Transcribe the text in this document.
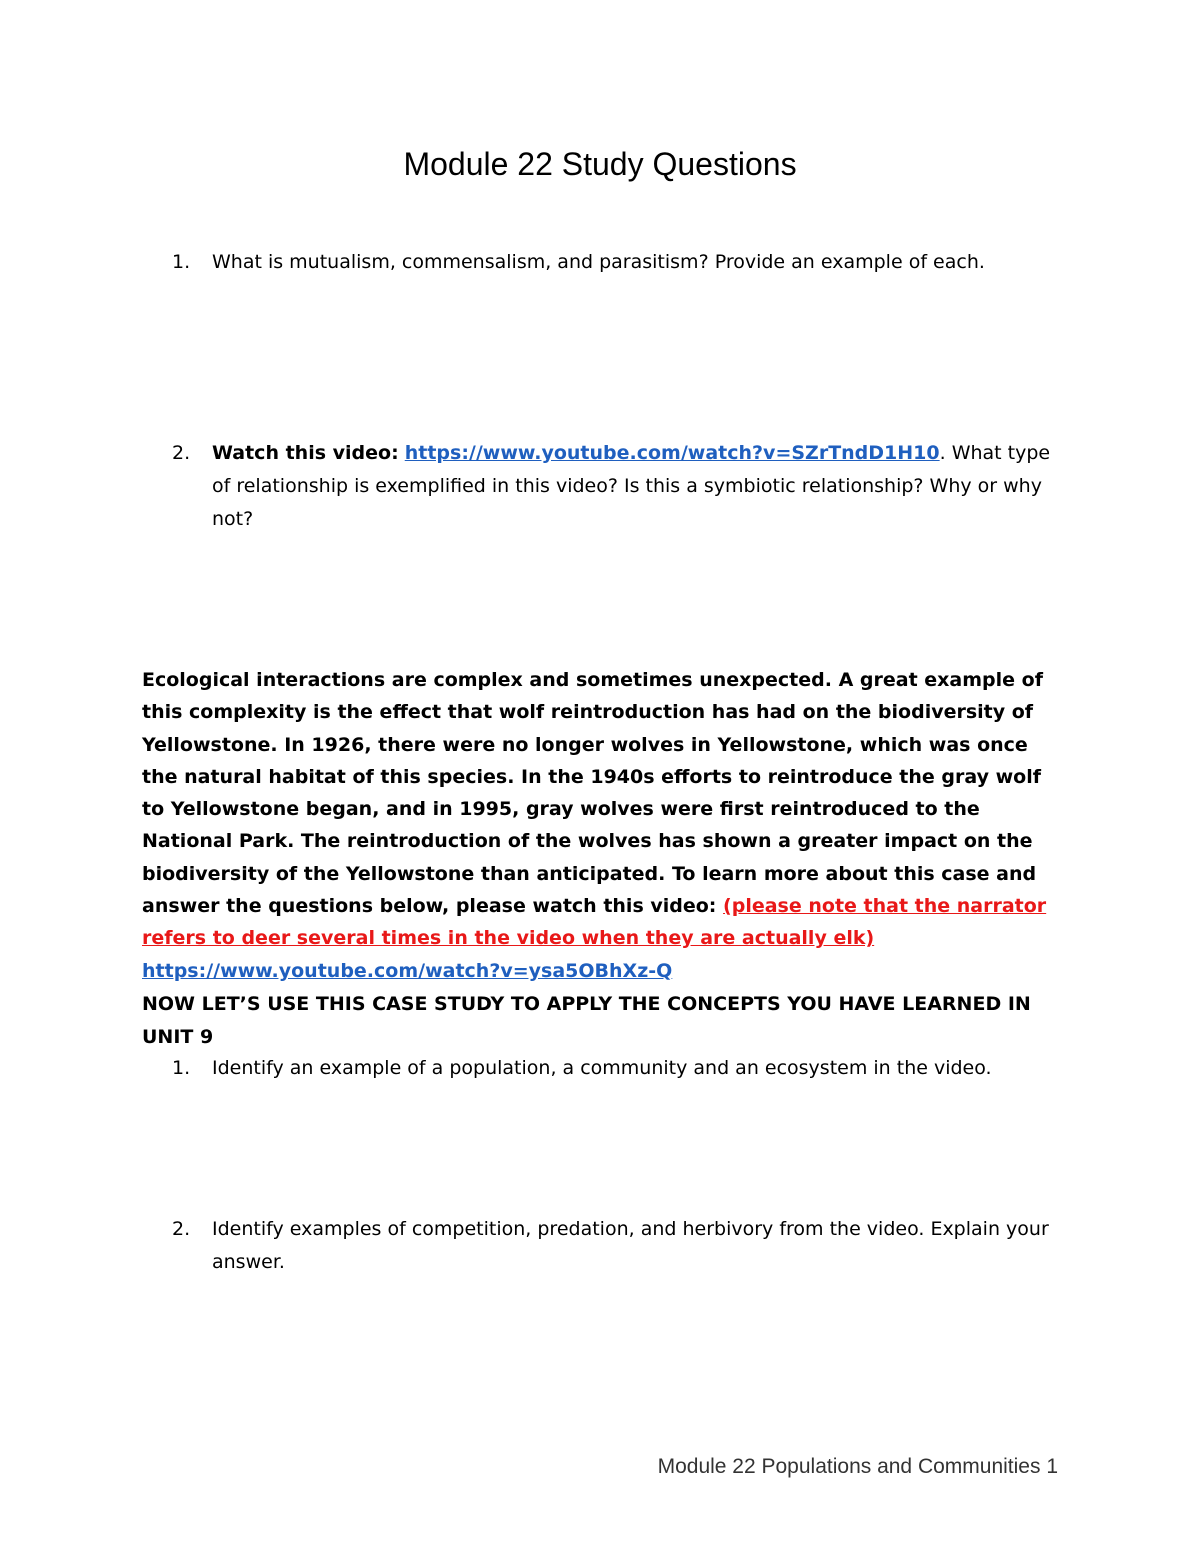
Module 22 Study Questions
1.	What is mutualism, commensalism, and parasitism? Provide an example of each.
2.	Watch this video: https://www.youtube.com/watch?v=SZrTndD1H10. What type of relationship is exemplified in this video? Is this a symbiotic relationship? Why or why not?

Ecological interactions are complex and sometimes unexpected. A great example of this complexity is the effect that wolf reintroduction has had on the biodiversity of Yellowstone. In 1926, there were no longer wolves in Yellowstone, which was once the natural habitat of this species. In the 1940s efforts to reintroduce the gray wolf to Yellowstone began, and in 1995, gray wolves were first reintroduced to the National Park. The reintroduction of the wolves has shown a greater impact on the biodiversity of the Yellowstone than anticipated. To learn more about this case and answer the questions below, please watch this video: (please note that the narrator refers to deer several times in the video when they are actually elk) https://www.youtube.com/watch?v=ysa5OBhXz-Q

NOW LET’S USE THIS CASE STUDY TO APPLY THE CONCEPTS YOU HAVE LEARNED IN UNIT 9

1.	Identify an example of a population, a community and an ecosystem in the video.
2.	Identify examples of competition, predation, and herbivory from the video. Explain your answer.
Module 22 Populations and Communities 1
